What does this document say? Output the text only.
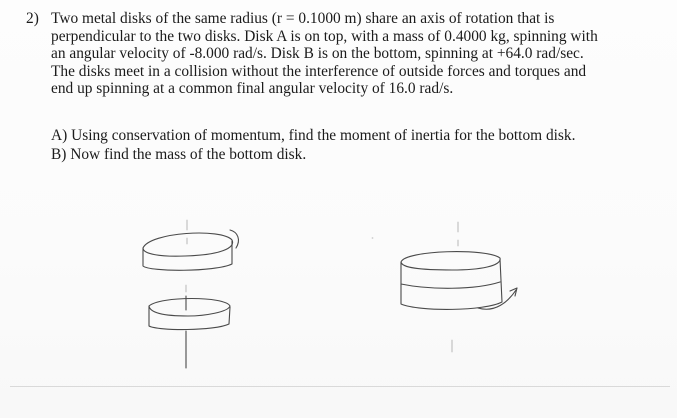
2) Two metal disks of the same radius (r = 0.1000 m) share an axis of rotation that is
perpendicular to the two disks. Disk A is on top, with a mass of 0.4000 kg, spinning with
an angular velocity of -8.000 rad/s. Disk B is on the bottom, spinning at +64.0 rad/sec.
The disks meet in a collision without the interference of outside forces and torques and
end up spinning at a common final angular velocity of 16.0 rad/s.
A) Using conservation of momentum, find the moment of inertia for the bottom disk.
B) Now find the mass of the bottom disk.
